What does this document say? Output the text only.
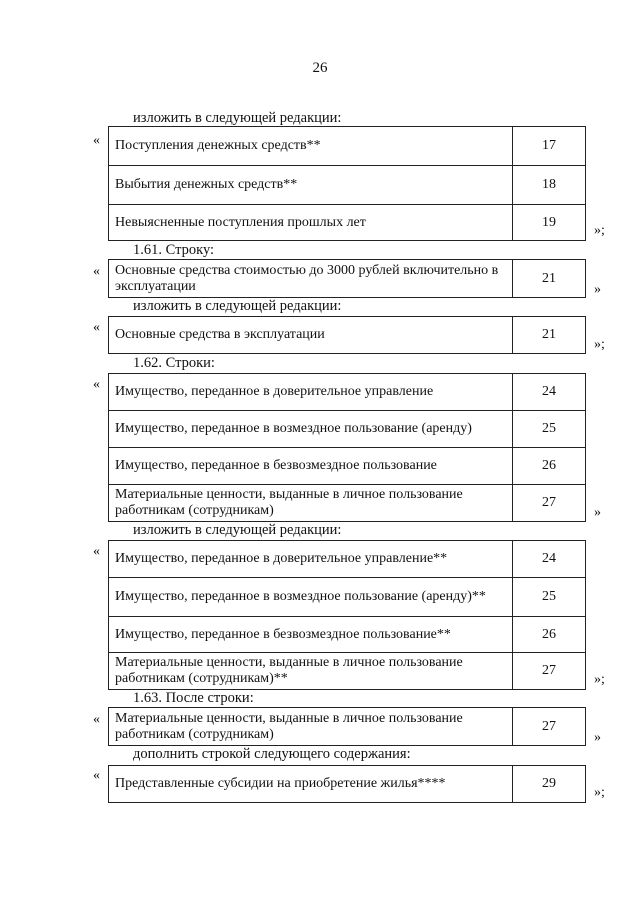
26
изложить в следующей редакции:
« Поступления денежных средств**	17
Выбытия денежных средств**	18
Невыясненные поступления прошлых лет	19
»;
1.61. Строку:
« Основные средства стоимостью до 3000 рублей включительно в эксплуатации	21
»
изложить в следующей редакции:
« Основные средства в эксплуатации	21
»;
1.62. Строки:
« Имущество, переданное в доверительное управление	24
Имущество, переданное в возмездное пользование (аренду)	25
Имущество, переданное в безвозмездное пользование	26
Материальные ценности, выданные в личное пользование работникам (сотрудникам)	27
»
изложить в следующей редакции:
« Имущество, переданное в доверительное управление**	24
Имущество, переданное в возмездное пользование (аренду)**	25
Имущество, переданное в безвозмездное пользование**	26
Материальные ценности, выданные в личное пользование работникам (сотрудникам)**	27
»;
1.63. После строки:
« Материальные ценности, выданные в личное пользование работникам (сотрудникам)	27
»
дополнить строкой следующего содержания:
«
Представленные субсидии на приобретение жилья****	29
»;
